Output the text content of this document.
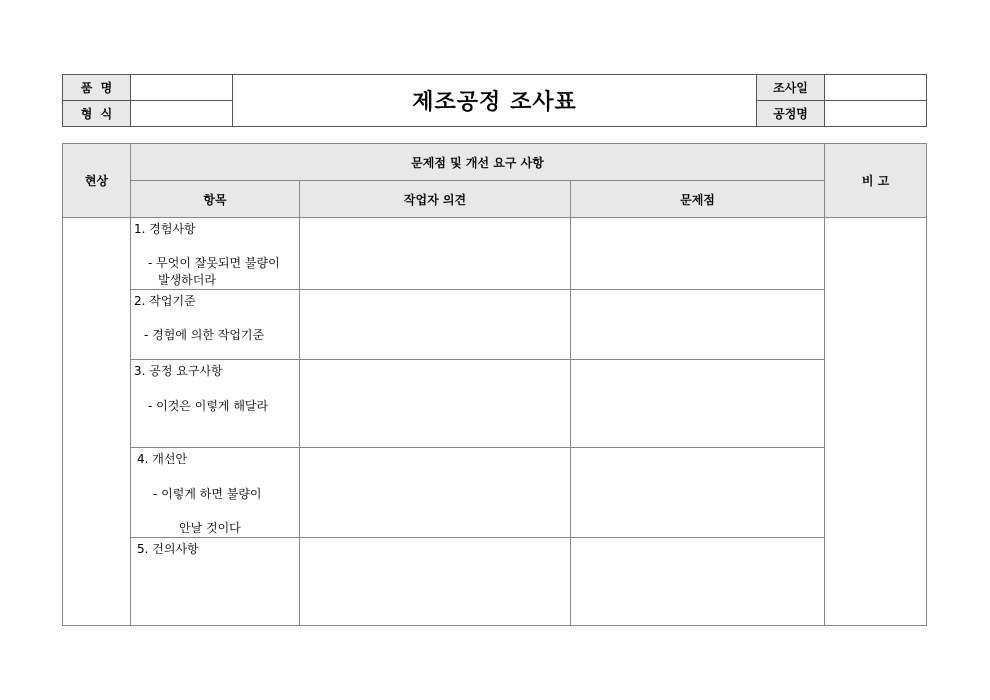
품  명		제조공정 조사표	조사일	
형  식			공정명	
현상	문제점 및 개선 요구 사항			비 고
	항목	작업자 의견	문제점	

	1. 경험사항
- 무엇이 잘못되면 불량이
발생하더라			

	2. 작업기준
- 경험에 의한 작업기준			

	3. 공정 요구사항
- 이것은 이렇게 해달라			

	4. 개선안
- 이렇게 하면 불량이
안날 것이다			

	5. 건의사항			
